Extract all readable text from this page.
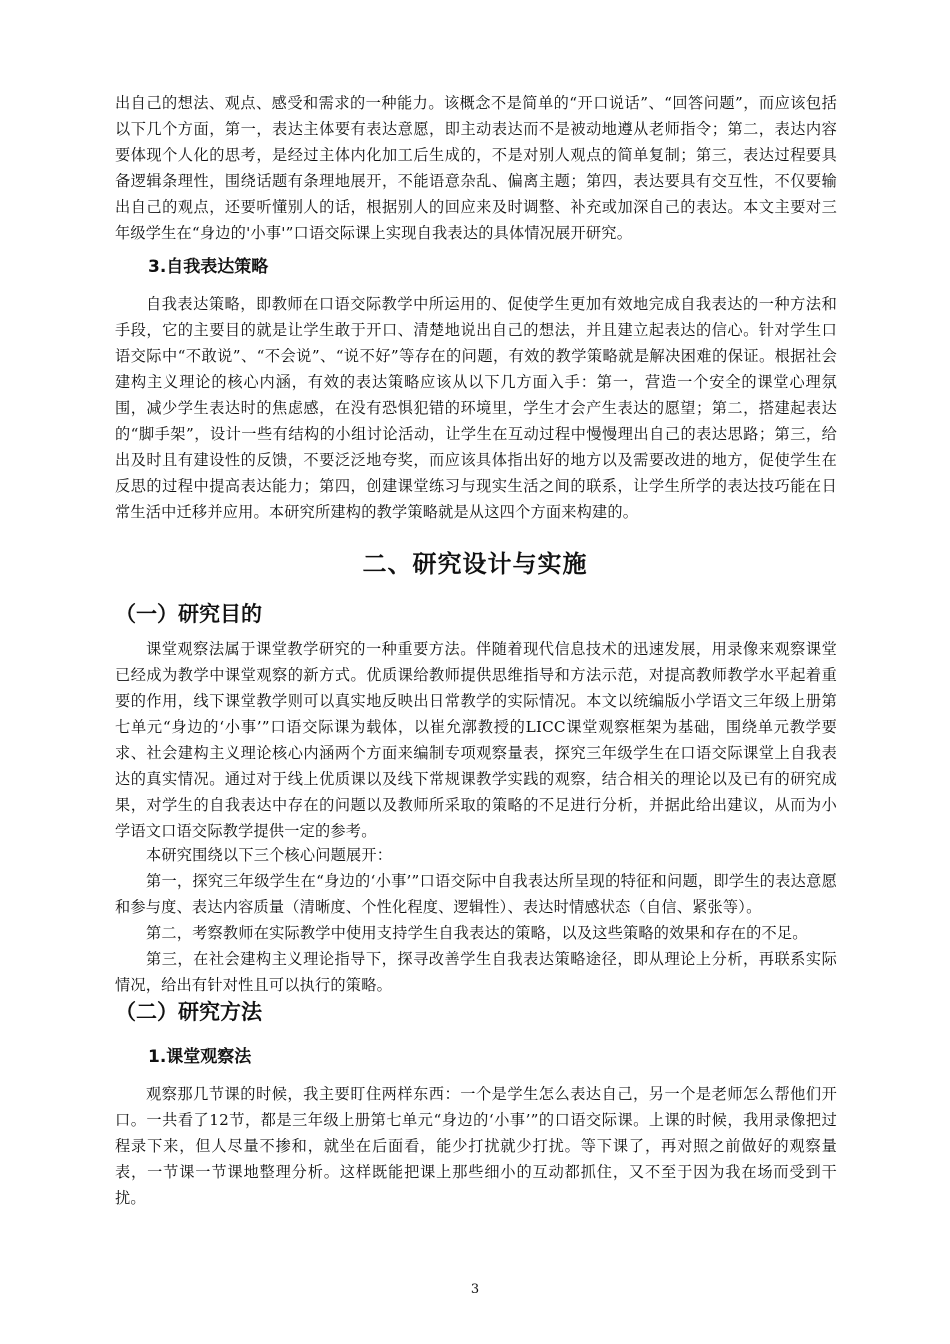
出自己的想法、观点、感受和需求的一种能力。该概念不是简单的“开口说话”、“回答问题”，而应该包括以下几个方面，第一，表达主体要有表达意愿，即主动表达而不是被动地遵从老师指令；第二，表达内容要体现个人化的思考，是经过主体内化加工后生成的，不是对别人观点的简单复制；第三，表达过程要具备逻辑条理性，围绕话题有条理地展开，不能语意杂乱、偏离主题；第四，表达要具有交互性，不仅要输出自己的观点，还要听懂别人的话，根据别人的回应来及时调整、补充或加深自己的表达。本文主要对三年级学生在“身边的'小事'”口语交际课上实现自我表达的具体情况展开研究。

3.自我表达策略

自我表达策略，即教师在口语交际教学中所运用的、促使学生更加有效地完成自我表达的一种方法和手段，它的主要目的就是让学生敢于开口、清楚地说出自己的想法，并且建立起表达的信心。针对学生口语交际中“不敢说”、“不会说”、“说不好”等存在的问题，有效的教学策略就是解决困难的保证。根据社会建构主义理论的核心内涵，有效的表达策略应该从以下几方面入手：第一，营造一个安全的课堂心理氛围，减少学生表达时的焦虑感，在没有恐惧犯错的环境里，学生才会产生表达的愿望；第二，搭建起表达的“脚手架”，设计一些有结构的小组讨论活动，让学生在互动过程中慢慢理出自己的表达思路；第三，给出及时且有建设性的反馈，不要泛泛地夸奖，而应该具体指出好的地方以及需要改进的地方，促使学生在反思的过程中提高表达能力；第四，创建课堂练习与现实生活之间的联系，让学生所学的表达技巧能在日常生活中迁移并应用。本研究所建构的教学策略就是从这四个方面来构建的。

二、研究设计与实施
（一）研究目的

课堂观察法属于课堂教学研究的一种重要方法。伴随着现代信息技术的迅速发展，用录像来观察课堂已经成为教学中课堂观察的新方式。优质课给教师提供思维指导和方法示范，对提高教师教学水平起着重要的作用，线下课堂教学则可以真实地反映出日常教学的实际情况。本文以统编版小学语文三年级上册第七单元“身边的‘小事’”口语交际课为载体，以崔允漷教授的LICC课堂观察框架为基础，围绕单元教学要求、社会建构主义理论核心内涵两个方面来编制专项观察量表，探究三年级学生在口语交际课堂上自我表达的真实情况。通过对于线上优质课以及线下常规课教学实践的观察，结合相关的理论以及已有的研究成果，对学生的自我表达中存在的问题以及教师所采取的策略的不足进行分析，并据此给出建议，从而为小学语文口语交际教学提供一定的参考。

本研究围绕以下三个核心问题展开：

第一，探究三年级学生在“身边的‘小事’”口语交际中自我表达所呈现的特征和问题，即学生的表达意愿和参与度、表达内容质量（清晰度、个性化程度、逻辑性）、表达时情感状态（自信、紧张等）。

第二，考察教师在实际教学中使用支持学生自我表达的策略，以及这些策略的效果和存在的不足。

第三，在社会建构主义理论指导下，探寻改善学生自我表达策略途径，即从理论上分析，再联系实际情况，给出有针对性且可以执行的策略。

（二）研究方法
1.课堂观察法

观察那几节课的时候，我主要盯住两样东西：一个是学生怎么表达自己，另一个是老师怎么帮他们开口。一共看了12节，都是三年级上册第七单元“身边的‘小事’”的口语交际课。上课的时候，我用录像把过程录下来，但人尽量不掺和，就坐在后面看，能少打扰就少打扰。等下课了，再对照之前做好的观察量表，一节课一节课地整理分析。这样既能把课上那些细小的互动都抓住，又不至于因为我在场而受到干扰。

3
